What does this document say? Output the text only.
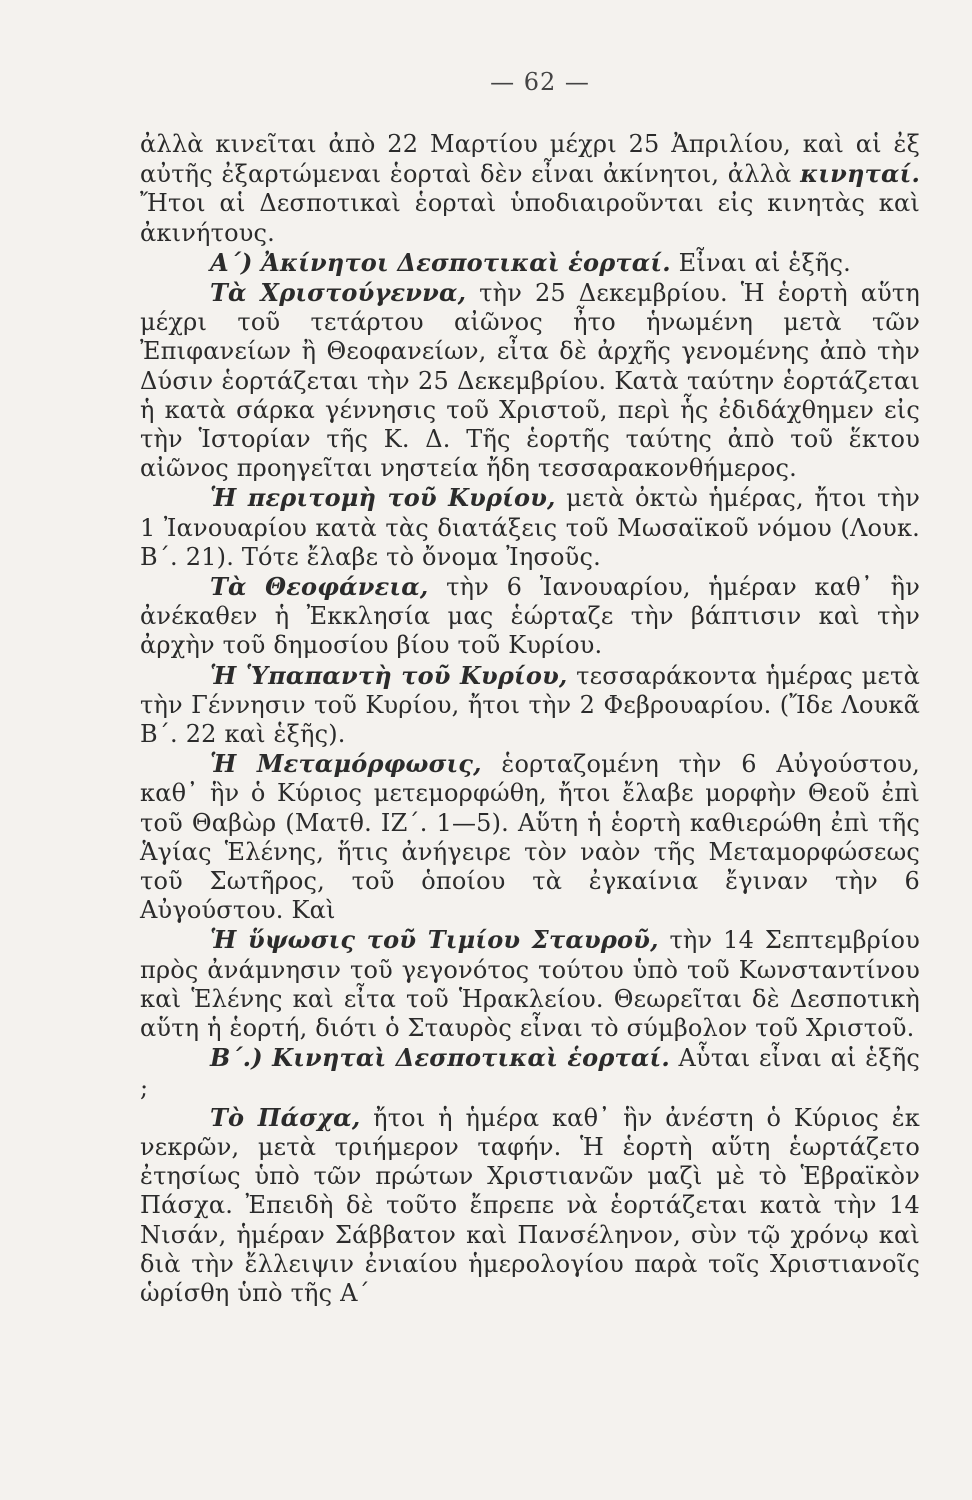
— 62 —

ἀλλὰ κινεῖται ἀπὸ 22 Μαρτίου μέχρι 25 Ἀπριλίου, καὶ αἱ ἐξ αὐτῆς ἐξαρτώμεναι ἑορταὶ δὲν εἶναι ἀκίνητοι, ἀλλὰ κινηταί. Ἤτοι αἱ Δεσποτικαὶ ἑορταὶ ὑποδιαιροῦνται εἰς κινητὰς καὶ ἀκινήτους.

Α΄) Ἀκίνητοι Δεσποτικαὶ ἑορταί. Εἶναι αἱ ἑξῆς.

Τὰ Χριστούγεννα, τὴν 25 Δεκεμβρίου. Ἡ ἑορτὴ αὕτη μέχρι τοῦ τετάρτου αἰῶνος ἦτο ἡνωμένη μετὰ τῶν Ἐπιφανείων ἢ Θεοφανείων, εἶτα δὲ ἀρχῆς γενομένης ἀπὸ τὴν Δύσιν ἑορτάζεται τὴν 25 Δεκεμβρίου. Κατὰ ταύτην ἑορτάζεται ἡ κατὰ σάρκα γέννησις τοῦ Χριστοῦ, περὶ ἧς ἐδιδάχθημεν εἰς τὴν Ἱστορίαν τῆς Κ. Δ. Τῆς ἑορτῆς ταύτης ἀπὸ τοῦ ἕκτου αἰῶνος προηγεῖται νηστεία ἤδη τεσσαρακονθήμερος.

Ἡ περιτομὴ τοῦ Κυρίου, μετὰ ὀκτὼ ἡμέρας, ἤτοι τὴν 1 Ἰανουαρίου κατὰ τὰς διατάξεις τοῦ Μωσαϊκοῦ νόμου (Λουκ. Β΄. 21). Τότε ἔλαβε τὸ ὄνομα Ἰησοῦς.

Τὰ Θεοφάνεια, τὴν 6 Ἰανουαρίου, ἡμέραν καθ᾽ ἣν ἀνέκαθεν ἡ Ἐκκλησία μας ἑώρταζε τὴν βάπτισιν καὶ τὴν ἀρχὴν τοῦ δημοσίου βίου τοῦ Κυρίου.

Ἡ Ὑπαπαντὴ τοῦ Κυρίου, τεσσαράκοντα ἡμέρας μετὰ τὴν Γέννησιν τοῦ Κυρίου, ἤτοι τὴν 2 Φεβρουαρίου. (Ἴδε Λουκᾶ Β΄. 22 καὶ ἑξῆς).

Ἡ Μεταμόρφωσις, ἑορταζομένη τὴν 6 Αὐγούστου, καθ᾽ ἣν ὁ Κύριος μετεμορφώθη, ἤτοι ἔλαβε μορφὴν Θεοῦ ἐπὶ τοῦ Θαβὼρ (Ματθ. ΙΖ΄. 1—5). Αὕτη ἡ ἑορτὴ καθιερώθη ἐπὶ τῆς Ἁγίας Ἑλένης, ἥτις ἀνήγειρε τὸν ναὸν τῆς Μεταμορφώσεως τοῦ Σωτῆρος, τοῦ ὁποίου τὰ ἐγκαίνια ἔγιναν τὴν 6 Αὐγούστου. Καὶ

Ἡ ὕψωσις τοῦ Τιμίου Σταυροῦ, τὴν 14 Σεπτεμβρίου πρὸς ἀνάμνησιν τοῦ γεγονότος τούτου ὑπὸ τοῦ Κωνσταντίνου καὶ Ἑλένης καὶ εἶτα τοῦ Ἡρακλείου. Θεωρεῖται δὲ Δεσποτικὴ αὕτη ἡ ἑορτή, διότι ὁ Σταυρὸς εἶναι τὸ σύμβολον τοῦ Χριστοῦ.

Β΄.) Κινηταὶ Δεσποτικαὶ ἑορταί. Αὗται εἶναι αἱ ἑξῆς ;

Τὸ Πάσχα, ἤτοι ἡ ἡμέρα καθ᾽ ἣν ἀνέστη ὁ Κύριος ἐκ νεκρῶν, μετὰ τριήμερον ταφήν. Ἡ ἑορτὴ αὕτη ἑωρτάζετο ἐτησίως ὑπὸ τῶν πρώτων Χριστιανῶν μαζὶ μὲ τὸ Ἑβραϊκὸν Πάσχα. Ἐπειδὴ δὲ τοῦτο ἔπρεπε νὰ ἑορτάζεται κατὰ τὴν 14 Νισάν, ἡμέραν Σάββατον καὶ Πανσέληνον, σὺν τῷ χρόνῳ καὶ διὰ τὴν ἔλλειψιν ἐνιαίου ἡμερολογίου παρὰ τοῖς Χριστιανοῖς ὡρίσθη ὑπὸ τῆς Α΄
